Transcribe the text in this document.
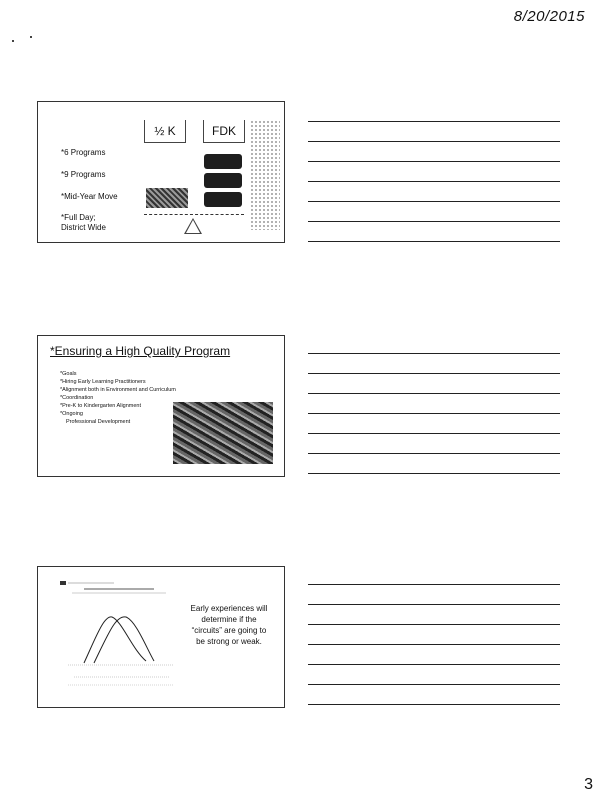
8/20/2015
½ K	FDK
*6 Programs
*9 Programs
*Mid-Year Move
*Full Day;
District Wide
*Ensuring a High Quality Program
*Goals
*Hiring Early Learning Practitioners
*Alignment both in Environment and Curriculum
*Coordination
*Pre-K to Kindergarten Alignment
*Ongoing
Professional Development
Early experiences will determine if the “circuits” are going to be strong or weak.
3
